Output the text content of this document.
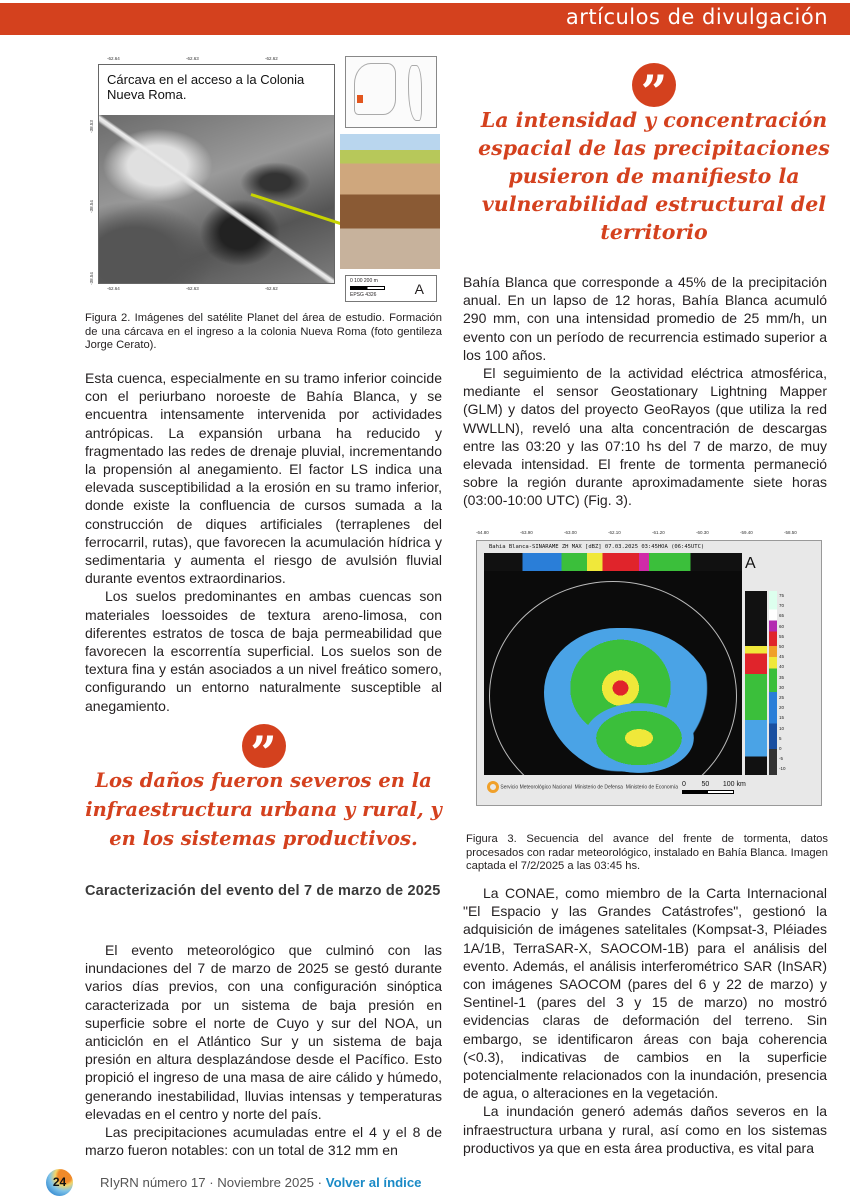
artículos de divulgación
-62.64	-62.63	-62.62
-62.64	-62.63	-62.62
-38.53
-38.54
-38.54
Cárcava en el acceso a la Colonia Nueva Roma.
0 100 200 m
EPSG 4326	A
Figura 2. Imágenes del satélite Planet del área de estudio. Formación de una cárcava en el ingreso a la colonia Nueva Roma (foto gentileza Jorge Cerato).
”
La intensidad y concentración espacial de las precipitaciones pusieron de manifiesto la vulnerabilidad estructural del territorio

Esta cuenca, especialmente en su tramo inferior coincide con el periurbano noroeste de Bahía Blanca, y se encuentra intensamente intervenida por actividades antrópicas. La expansión urbana ha reducido y fragmentado las redes de drenaje pluvial, incrementando la propensión al anegamiento. El factor LS indica una elevada susceptibilidad a la erosión en su tramo inferior, donde existe la confluencia de cursos sumada a la construcción de diques artificiales (terraplenes del ferrocarril, rutas), que favorecen la acumulación hídrica y sedimentaria y aumenta el riesgo de avulsión fluvial durante eventos extraordinarios.

Los suelos predominantes en ambas cuencas son materiales loessoides de textura areno-limosa, con diferentes estratos de tosca de baja permeabilidad que favorecen la escorrentía superficial. Los suelos son de textura fina y están asociados a un nivel freático somero, configurando un entorno naturalmente susceptible al anegamiento.

”
Los daños fueron severos en la infraestructura urbana y rural, y en los sistemas productivos.
Caracterización del evento del 7 de marzo de 2025

El evento meteorológico que culminó con las inundaciones del 7 de marzo de 2025 se gestó durante varios días previos, con una configuración sinóptica caracterizada por un sistema de baja presión en superficie sobre el norte de Cuyo y sur del NOA, un anticiclón en el Atlántico Sur y un sistema de baja presión en altura desplazándose desde el Pacífico. Esto propició el ingreso de una masa de aire cálido y húmedo, generando inestabilidad, lluvias intensas y temperaturas elevadas en el centro y norte del país.

Las precipitaciones acumuladas entre el 4 y el 8 de marzo fueron notables: con un total de 312 mm en

Bahía Blanca que corresponde a 45% de la precipitación anual. En un lapso de 12 horas, Bahía Blanca acumuló 290 mm, con una intensidad promedio de 25 mm/h, un evento con un período de recurrencia estimado superior a los 100 años.

El seguimiento de la actividad eléctrica atmosférica, mediante el sensor Geostationary Lightning Mapper (GLM) y datos del proyecto GeoRayos (que utiliza la red WWLLN), reveló una alta concentración de descargas entre las 03:20 y las 07:10 hs del 7 de marzo, de muy elevada intensidad. El frente de tormenta permaneció sobre la región durante aproximadamente siete horas (03:00-10:00 UTC) (Fig. 3).

Bahia Blanca-SINARAME ZH MAX [dBZ] 07.03.2025 03:45HOA (06:45UTC)
75
70
65
60
55
50
45
40
35
30
25
20
15
10
5
0
-5
-10
A
Servicio Meteorológico Nacional Ministerio de Defensa Ministerio de Economía 0        50       100 km
-64.80	-63.90	-63.00	-62.10	-61.20	-60.30	-59.40	-58.50
Figura 3. Secuencia del avance del frente de tormenta, datos procesados con radar meteorológico, instalado en Bahía Blanca. Imagen captada el 7/2/2025 a las 03:45 hs.

La CONAE, como miembro de la Carta Internacional "El Espacio y las Grandes Catástrofes", gestionó la adquisición de imágenes satelitales (Kompsat-3, Pléiades 1A/1B, TerraSAR-X, SAOCOM-1B) para el análisis del evento. Además, el análisis interferométrico SAR (InSAR) con imágenes SAOCOM (pares del 6 y 22 de marzo) y Sentinel-1 (pares del 3 y 15 de marzo) no mostró evidencias claras de deformación del terreno. Sin embargo, se identificaron áreas con baja coherencia (<0.3), indicativas de cambios en la superficie potencialmente relacionados con la inundación, presencia de agua, o alteraciones en la vegetación.

La inundación generó además daños severos en la infraestructura urbana y rural, así como en los sistemas productivos ya que en esta área productiva, es vital para

24	RIyRN número 17 · Noviembre 2025 · Volver al índice
